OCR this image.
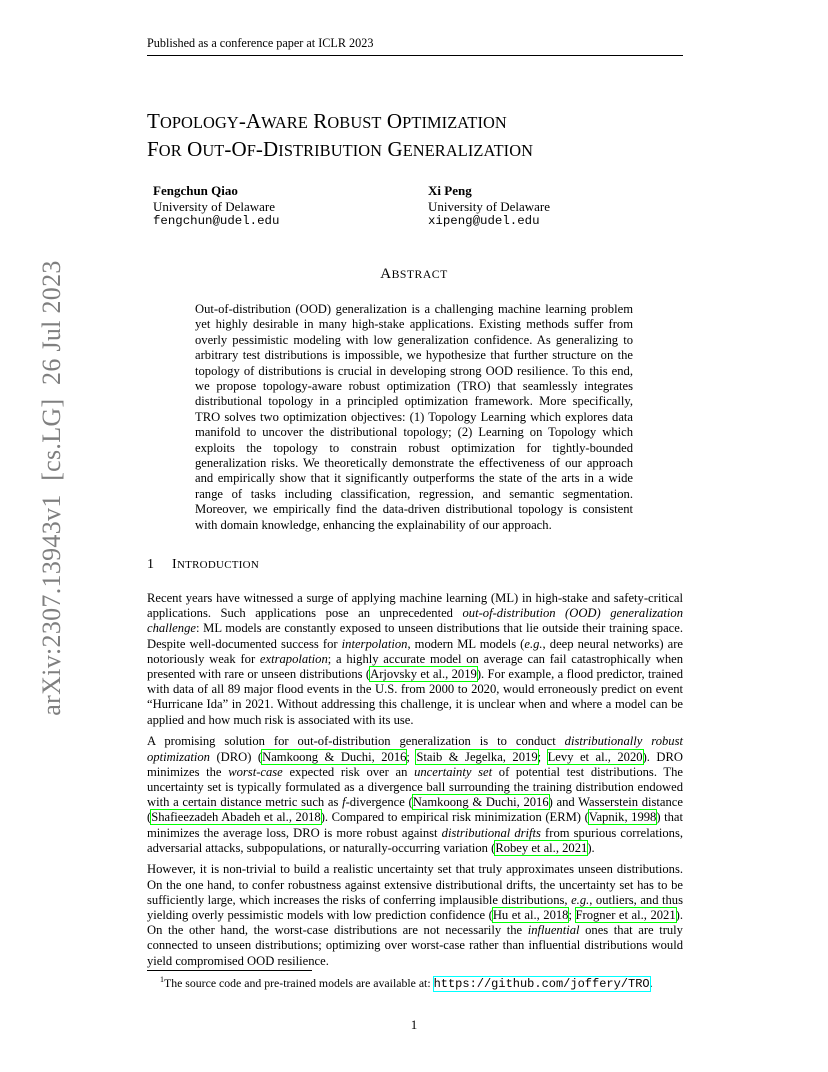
Published as a conference paper at ICLR 2023
TOPOLOGY-AWARE ROBUST OPTIMIZATION
FOR OUT-OF-DISTRIBUTION GENERALIZATION
Fengchun Qiao
University of Delaware
fengchun@udel.edu
Xi Peng
University of Delaware
xipeng@udel.edu
ABSTRACT
Out-of-distribution (OOD) generalization is a challenging machine learning problem yet highly desirable in many high-stake applications. Existing methods suffer from overly pessimistic modeling with low generalization confidence. As generalizing to arbitrary test distributions is impossible, we hypothesize that further structure on the topology of distributions is crucial in developing strong OOD resilience. To this end, we propose topology-aware robust optimization (TRO) that seamlessly integrates distributional topology in a principled optimization framework. More specifically, TRO solves two optimization objectives: (1) Topology Learning which explores data manifold to uncover the distributional topology; (2) Learning on Topology which exploits the topology to constrain robust optimization for tightly-bounded generalization risks. We theoretically demonstrate the effectiveness of our approach and empirically show that it significantly outperforms the state of the arts in a wide range of tasks including classification, regression, and semantic segmentation. Moreover, we empirically find the data-driven distributional topology is consistent with domain knowledge, enhancing the explainability of our approach.
1 INTRODUCTION

Recent years have witnessed a surge of applying machine learning (ML) in high-stake and safety-critical applications. Such applications pose an unprecedented out-of-distribution (OOD) generalization challenge: ML models are constantly exposed to unseen distributions that lie outside their training space. Despite well-documented success for interpolation, modern ML models (e.g., deep neural networks) are notoriously weak for extrapolation; a highly accurate model on average can fail catastrophically when presented with rare or unseen distributions (Arjovsky et al., 2019). For example, a flood predictor, trained with data of all 89 major flood events in the U.S. from 2000 to 2020, would erroneously predict on event “Hurricane Ida” in 2021. Without addressing this challenge, it is unclear when and where a model can be applied and how much risk is associated with its use.

A promising solution for out-of-distribution generalization is to conduct distributionally robust optimization (DRO) (Namkoong & Duchi, 2016; Staib & Jegelka, 2019; Levy et al., 2020). DRO minimizes the worst-case expected risk over an uncertainty set of potential test distributions. The uncertainty set is typically formulated as a divergence ball surrounding the training distribution endowed with a certain distance metric such as f-divergence (Namkoong & Duchi, 2016) and Wasserstein distance (Shafieezadeh Abadeh et al., 2018). Compared to empirical risk minimization (ERM) (Vapnik, 1998) that minimizes the average loss, DRO is more robust against distributional drifts from spurious correlations, adversarial attacks, subpopulations, or naturally-occurring variation (Robey et al., 2021).

However, it is non-trivial to build a realistic uncertainty set that truly approximates unseen distributions. On the one hand, to confer robustness against extensive distributional drifts, the uncertainty set has to be sufficiently large, which increases the risks of conferring implausible distributions, e.g., outliers, and thus yielding overly pessimistic models with low prediction confidence (Hu et al., 2018; Frogner et al., 2021). On the other hand, the worst-case distributions are not necessarily the influential ones that are truly connected to unseen distributions; optimizing over worst-case rather than influential distributions would yield compromised OOD resilience.

$^1$The source code and pre-trained models are available at: https://github.com/joffery/TRO.
1
arXiv:2307.13943v1  [cs.LG]  26 Jul 2023
